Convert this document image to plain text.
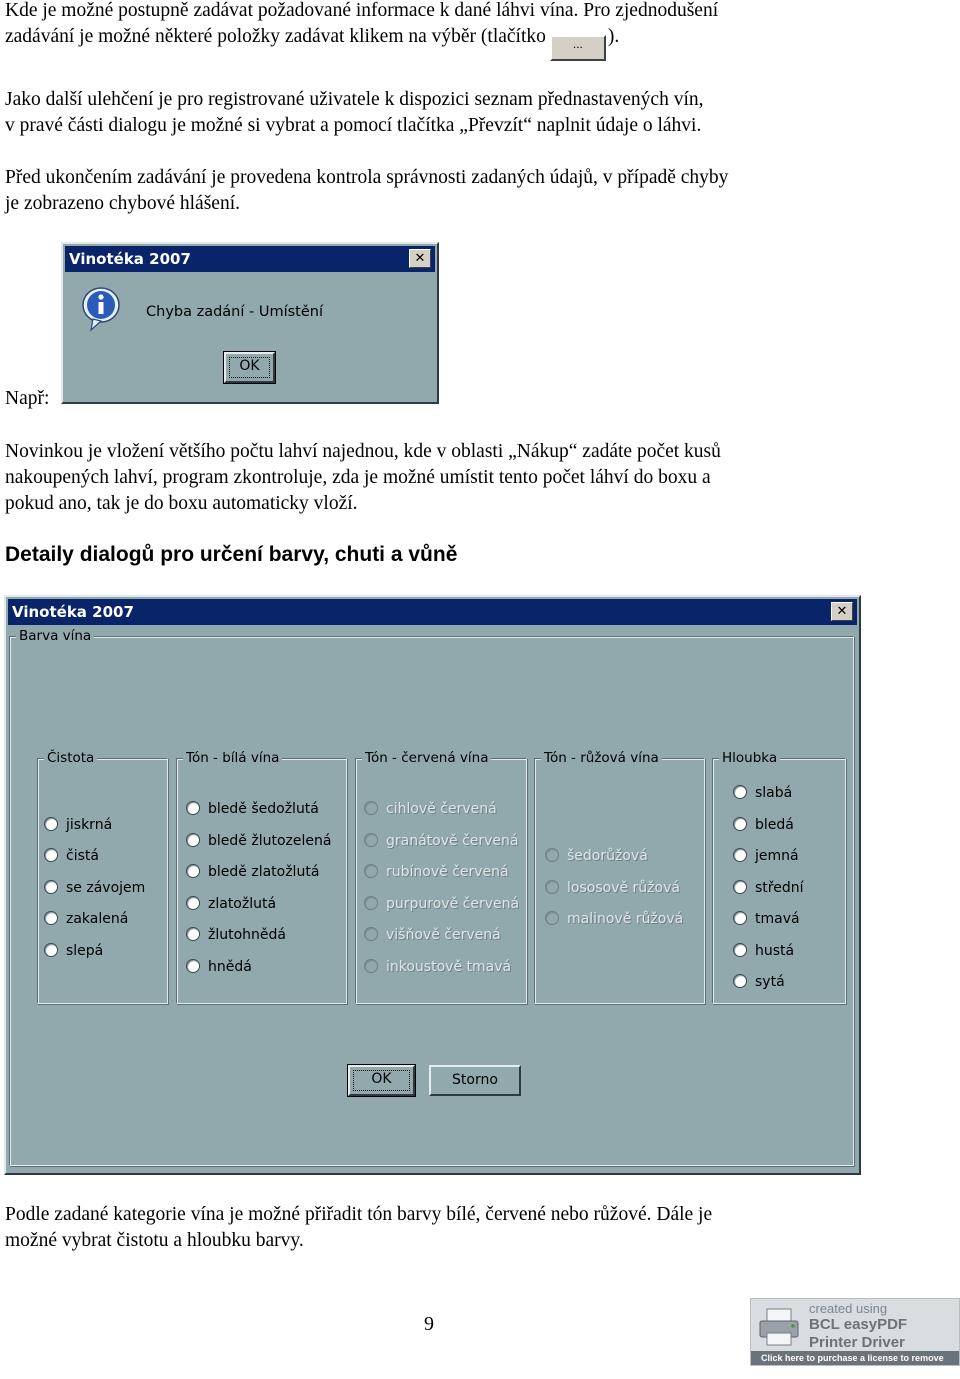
Kde je možné postupně zadávat požadované informace k dané láhvi vína. Pro zjednodušení
zadávání je možné některé položky zadávat klikem na výběr (tlačítko ... ).

Jako další ulehčení je pro registrované uživatele k dispozici seznam přednastavených vín,
v pravé části dialogu je možné si vybrat a pomocí tlačítka „Převzít“ naplnit údaje o láhvi.

Před ukončením zadávání je provedena kontrola správnosti zadaných údajů, v případě chyby
je zobrazeno chybové hlášení.

Např:

Vinotéka 2007	✕
Chyba zadání - Umístění
OK

Novinkou je vložení většího počtu lahví najednou, kde v oblasti „Nákup“ zadáte počet kusů
nakoupených lahví, program zkontroluje, zda je možné umístit tento počet láhví do boxu a
pokud ano, tak je do boxu automaticky vloží.

Detaily dialogů pro určení barvy, chuti a vůně
Vinotéka 2007	✕
Barva vína
Čistota
jiskrná
čistá
se závojem
zakalená
slepá
Tón - bílá vína
bledě šedožlutá
bledě žlutozelená
bledě zlatožlutá
zlatožlutá
žlutohnědá
hnědá
Tón - červená vína
cihlově červená
granátově červená
rubínově červená
purpurově červená
višňově červená
inkoustově tmavá
Tón - růžová vína
šedorůžová
lososově růžová
malinově růžová
Hloubka
slabá
bledá
jemná
střední
tmavá
hustá
sytá
OK	Storno

Podle zadané kategorie vína je možné přiřadit tón barvy bílé, červené nebo růžové. Dále je
možné vybrat čistotu a hloubku barvy.

9
created using
BCL easyPDF
Printer Driver
Click here to purchase a license to remove this image
